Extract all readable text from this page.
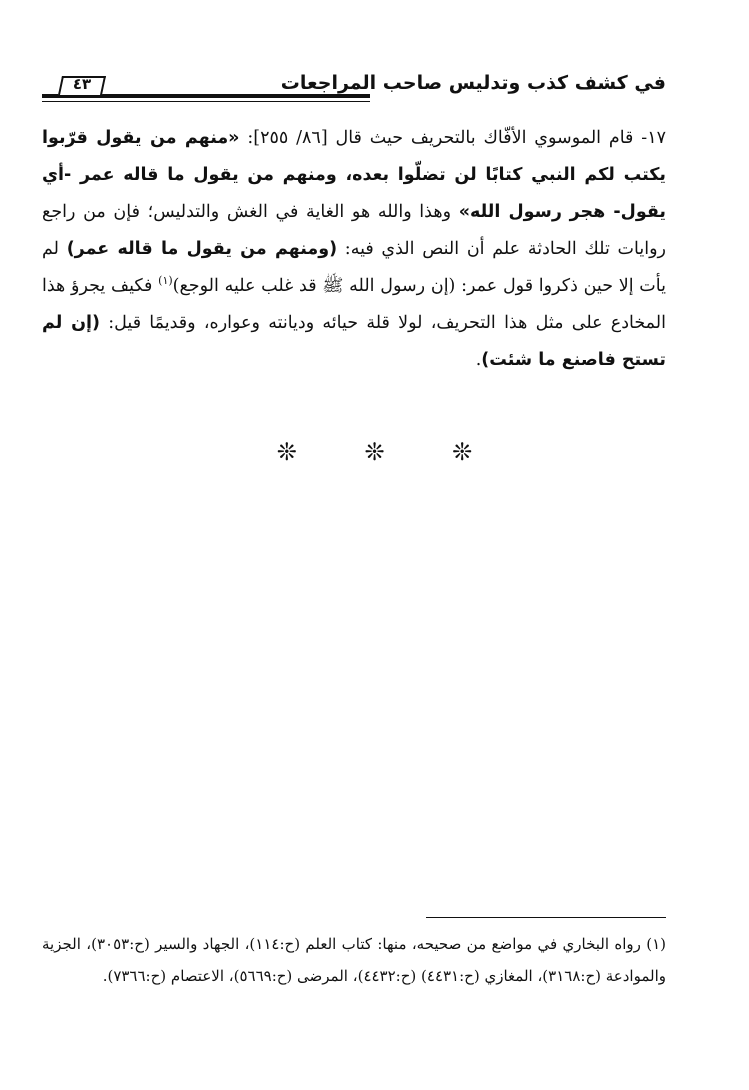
٤٣	في كشف كذب وتدليس صاحب المراجعات

١٧- قام الموسوي الأفّاك بالتحريف حيث قال [٨٦/ ٢٥٥]: «منهم من يقول قرّبوا يكتب لكم النبي كتابًا لن تضلّوا بعده، ومنهم من يقول ما قاله عمر -أي يقول- هجر رسول الله» وهذا والله هو الغاية في الغش والتدليس؛ فإن من راجع روايات تلك الحادثة علم أن النص الذي فيه: (ومنهم من يقول ما قاله عمر) لم يأت إلا حين ذكروا قول عمر: (إن رسول الله ﷺ قد غلب عليه الوجع)$^{(١)}$ فكيف يجرؤ هذا المخادع على مثل هذا التحريف، لولا قلة حيائه وديانته وعواره، وقديمًا قيل: (إن لم تستح فاصنع ما شئت).

❊ ❊ ❊

(١) رواه البخاري في مواضع من صحيحه، منها: كتاب العلم (ح:١١٤)، الجهاد والسير (ح:٣٠٥٣)، الجزية والموادعة (ح:٣١٦٨)، المغازي (ح:٤٤٣١) (ح:٤٤٣٢)، المرضى (ح:٥٦٦٩)، الاعتصام (ح:٧٣٦٦).
